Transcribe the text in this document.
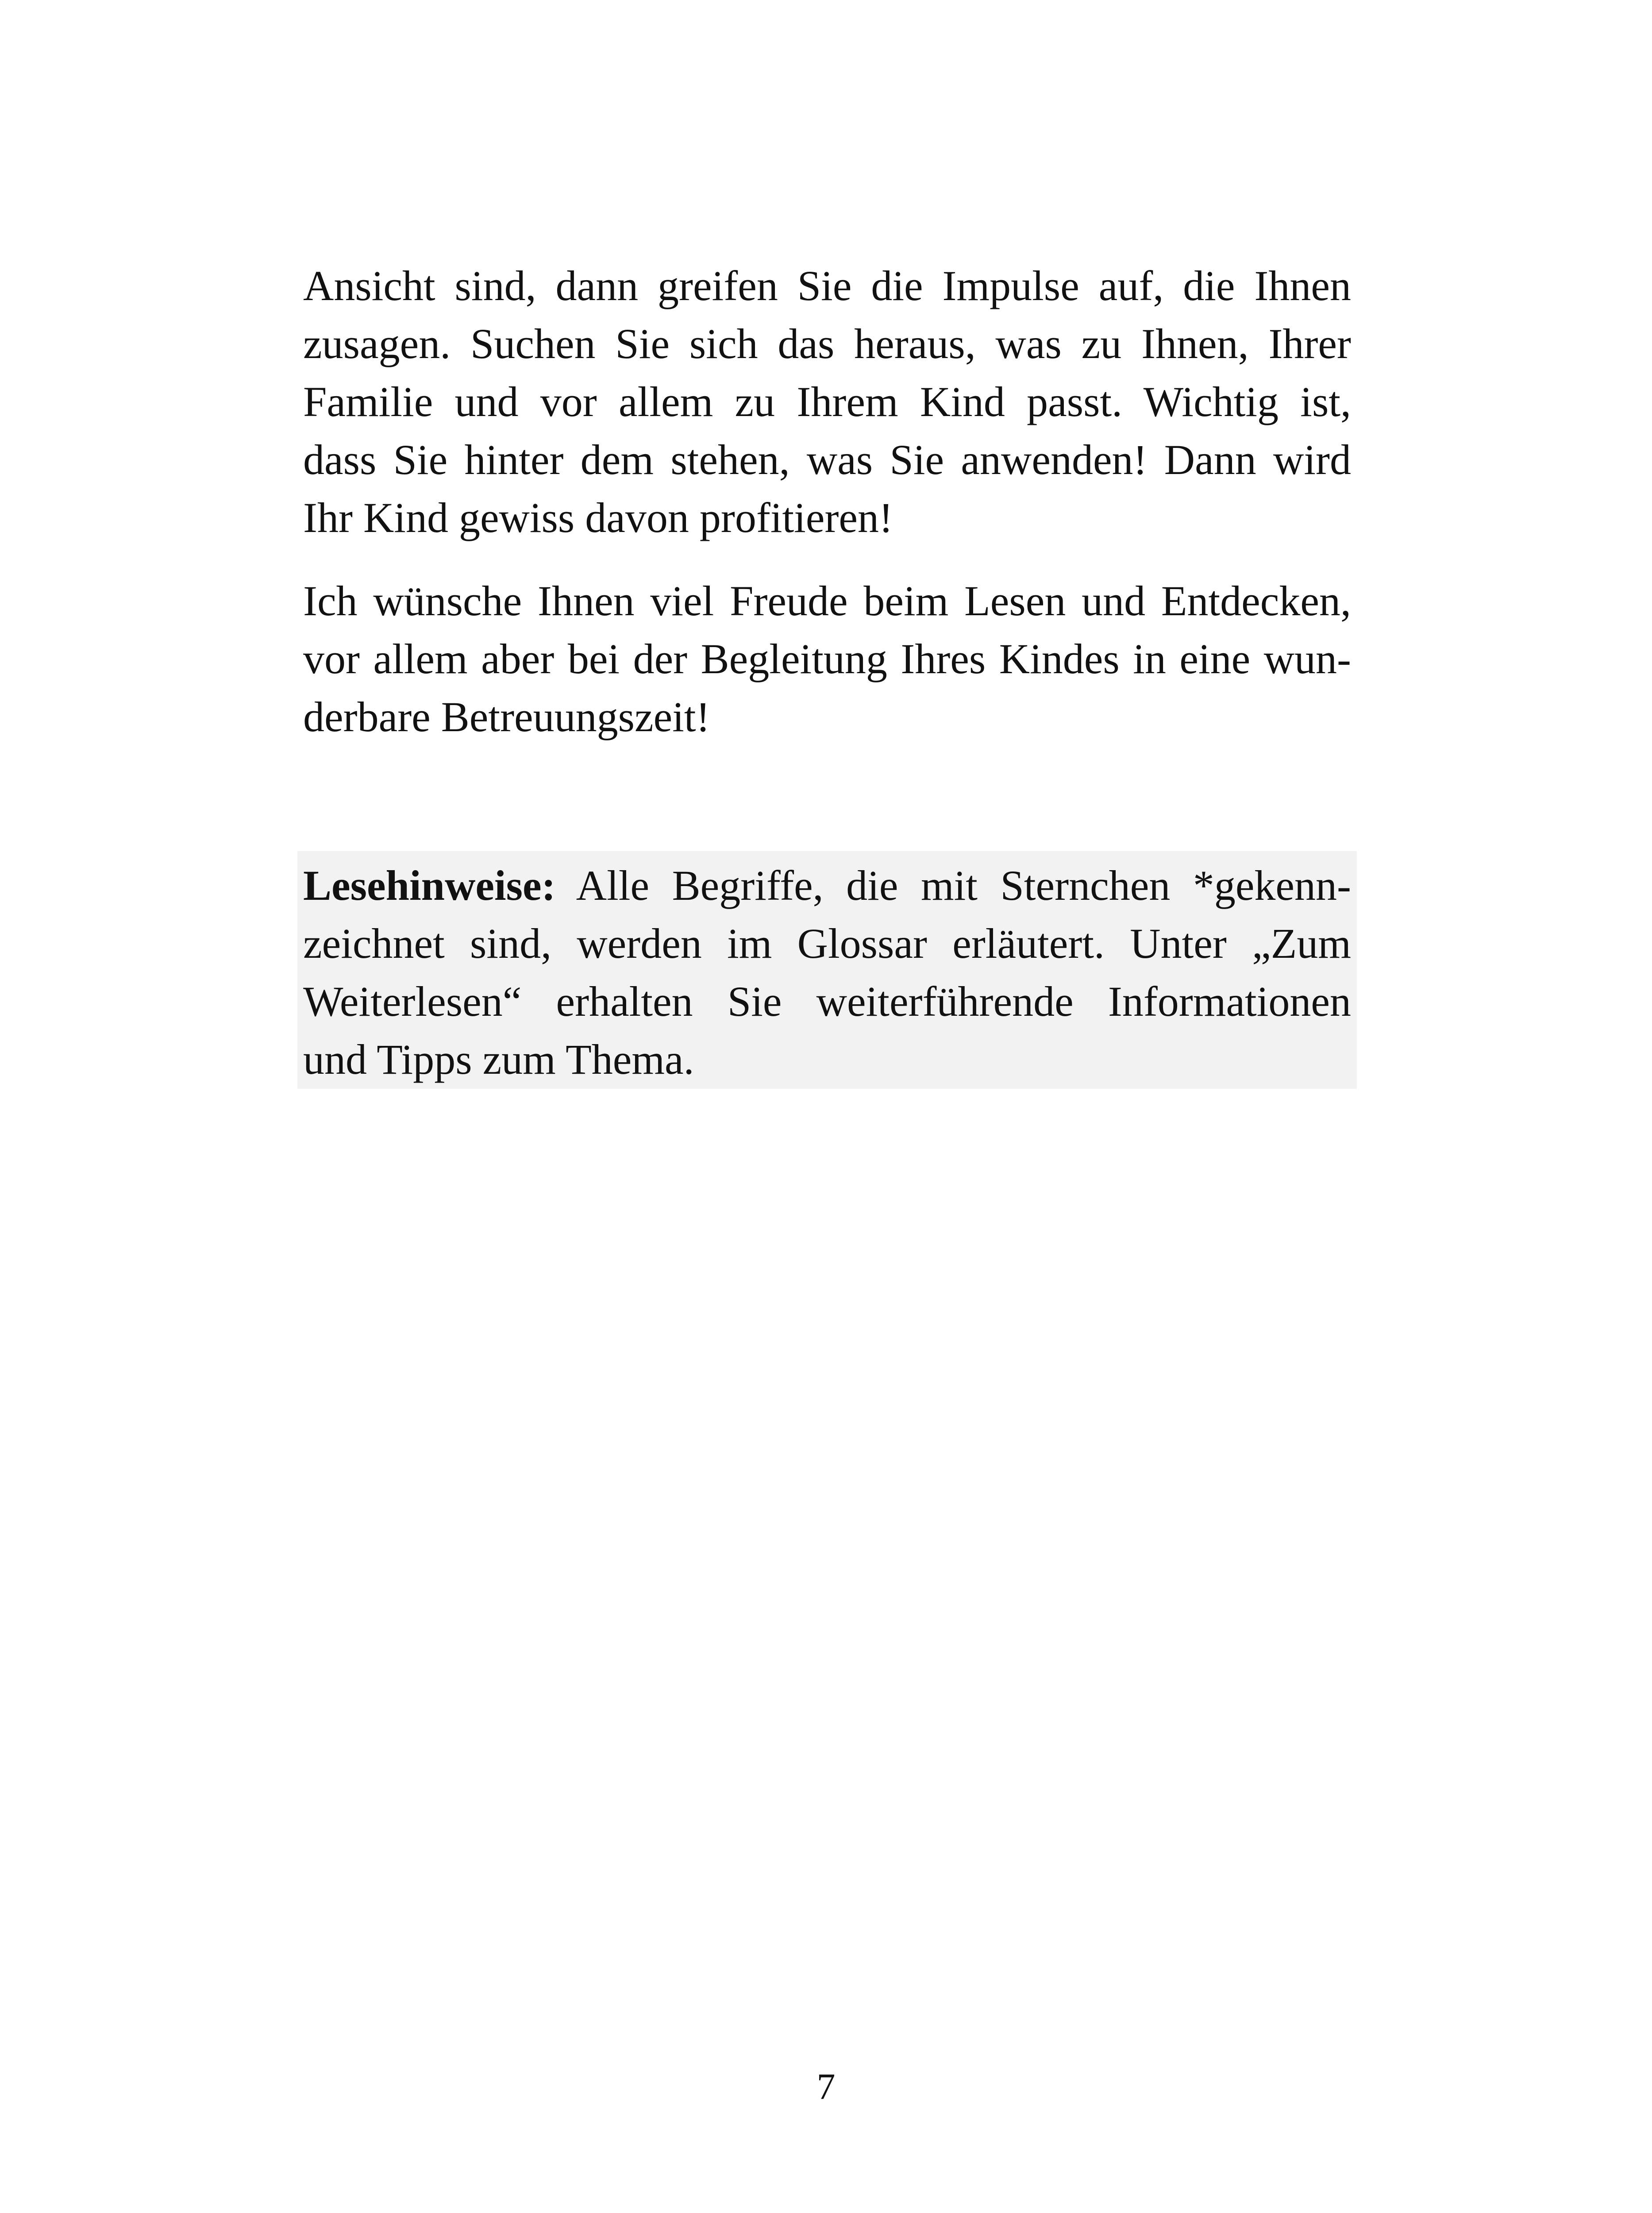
Ansicht sind, dann greifen Sie die Impulse auf, die Ihnen
zusagen. Suchen Sie sich das heraus, was zu Ihnen, Ihrer
Familie und vor allem zu Ihrem Kind passt. Wichtig ist,
dass Sie hinter dem stehen, was Sie anwenden! Dann wird
Ihr Kind gewiss davon profitieren!
Ich wünsche Ihnen viel Freude beim Lesen und Entdecken,
vor allem aber bei der Begleitung Ihres Kindes in eine wun-
derbare Betreuungszeit!
Lesehinweise: Alle Begriffe, die mit Sternchen *gekenn-
zeichnet sind, werden im Glossar erläutert. Unter „Zum
Weiterlesen“ erhalten Sie weiterführende Informationen
und Tipps zum Thema.
7
